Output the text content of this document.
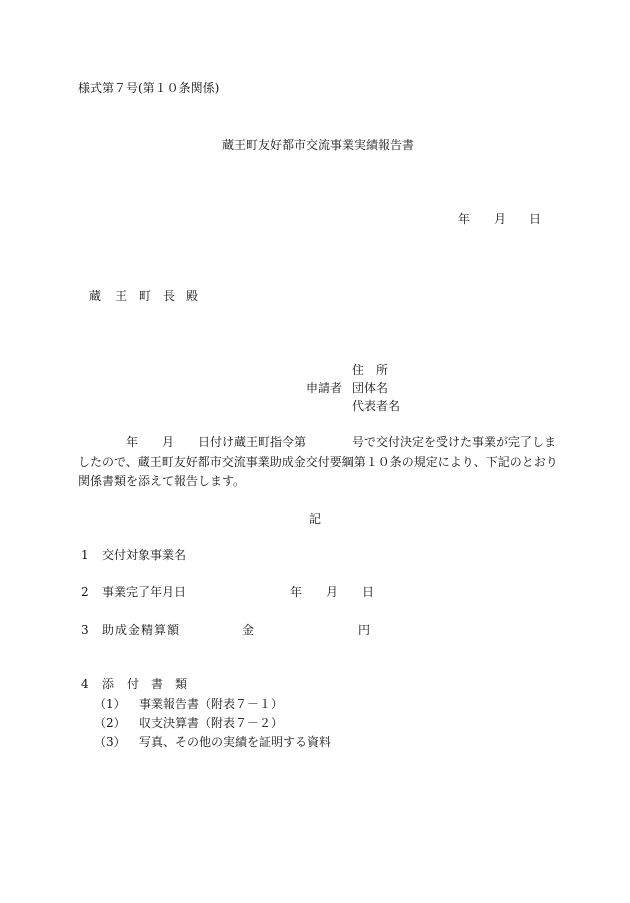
様式第７号(第１０条関係)
蔵王町友好都市交流事業実績報告書
年 月 日
蔵 王 町 長 殿
住　所
申請者 団体名
代表者名
年 月 日付け蔵王町指令第	号で交付決定を受けた事業が完了しま
したので、蔵王町友好都市交流事業助成金交付要綱第１０条の規定により、下記のとおり
関係書類を添えて報告します。
記
1 交付対象事業名
2 事業完了年月日	年 月 日
3 助成金精算額	金	円
4 添 付 書 類
（1） 事業報告書（附表７－１）
（2） 収支決算書（附表７－２）
（3） 写真、その他の実績を証明する資料
